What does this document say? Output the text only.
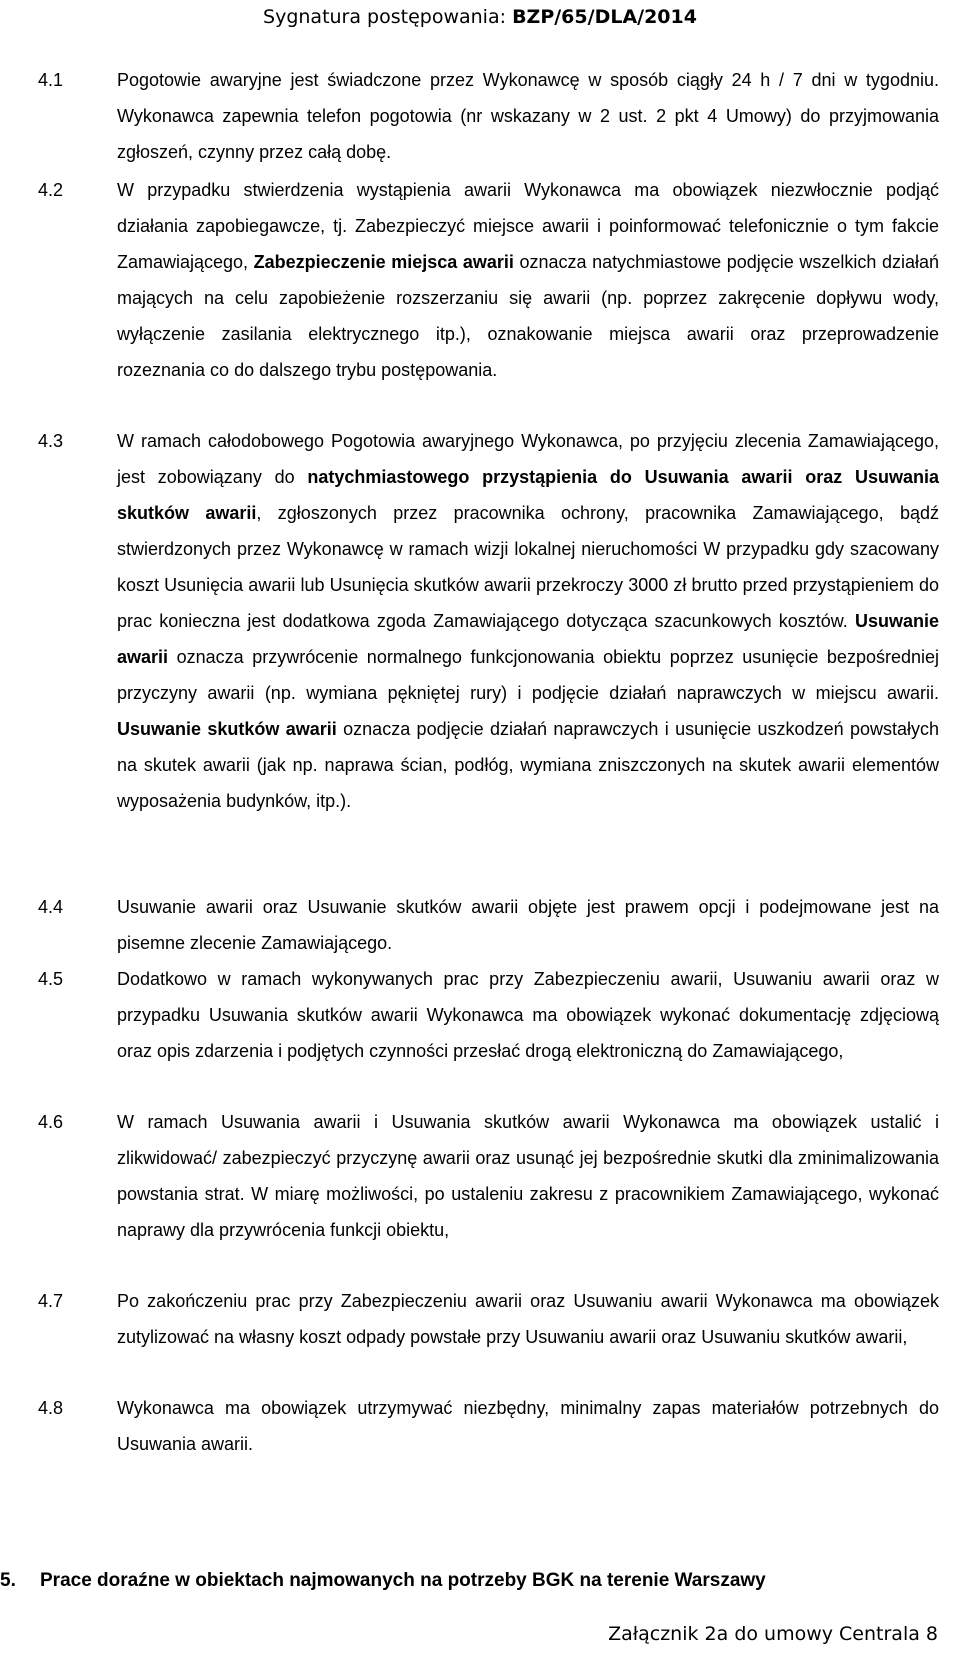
Sygnatura postępowania: BZP/65/DLA/2014
4.1	Pogotowie awaryjne jest świadczone przez Wykonawcę w sposób ciągły 24 h / 7 dni w tygodniu. Wykonawca zapewnia telefon pogotowia (nr wskazany w 2 ust. 2 pkt 4 Umowy) do przyjmowania zgłoszeń, czynny przez całą dobę.
4.2	W przypadku stwierdzenia wystąpienia awarii Wykonawca ma obowiązek niezwłocznie podjąć działania zapobiegawcze, tj. Zabezpieczyć miejsce awarii i poinformować telefonicznie o tym fakcie Zamawiającego, Zabezpieczenie miejsca awarii oznacza natychmiastowe podjęcie wszelkich działań mających na celu zapobieżenie rozszerzaniu się awarii (np. poprzez zakręcenie dopływu wody, wyłączenie zasilania elektrycznego itp.), oznakowanie miejsca awarii oraz przeprowadzenie rozeznania co do dalszego trybu postępowania.
4.3	W ramach całodobowego Pogotowia awaryjnego Wykonawca, po przyjęciu zlecenia Zamawiającego, jest zobowiązany do natychmiastowego przystąpienia do Usuwania awarii oraz Usuwania skutków awarii, zgłoszonych przez pracownika ochrony, pracownika Zamawiającego, bądź stwierdzonych przez Wykonawcę w ramach wizji lokalnej nieruchomości W przypadku gdy szacowany koszt Usunięcia awarii lub Usunięcia skutków awarii przekroczy 3000 zł brutto przed przystąpieniem do prac konieczna jest dodatkowa zgoda Zamawiającego dotycząca szacunkowych kosztów. Usuwanie awarii oznacza przywrócenie normalnego funkcjonowania obiektu poprzez usunięcie bezpośredniej przyczyny awarii (np. wymiana pękniętej rury) i podjęcie działań naprawczych w miejscu awarii. Usuwanie skutków awarii oznacza podjęcie działań naprawczych i usunięcie uszkodzeń powstałych na skutek awarii (jak np. naprawa ścian, podłóg, wymiana zniszczonych na skutek awarii elementów wyposażenia budynków, itp.).
4.4	Usuwanie awarii oraz Usuwanie skutków awarii objęte jest prawem opcji i podejmowane jest na pisemne zlecenie Zamawiającego.
4.5	Dodatkowo w ramach wykonywanych prac przy Zabezpieczeniu awarii, Usuwaniu awarii oraz w przypadku Usuwania skutków awarii Wykonawca ma obowiązek wykonać dokumentację zdjęciową oraz opis zdarzenia i podjętych czynności przesłać drogą elektroniczną do Zamawiającego,
4.6	W ramach Usuwania awarii i Usuwania skutków awarii Wykonawca ma obowiązek ustalić i zlikwidować/ zabezpieczyć przyczynę awarii oraz usunąć jej bezpośrednie skutki dla zminimalizowania powstania strat. W miarę możliwości, po ustaleniu zakresu z pracownikiem Zamawiającego, wykonać naprawy dla przywrócenia funkcji obiektu,
4.7	Po zakończeniu prac przy Zabezpieczeniu awarii oraz Usuwaniu awarii Wykonawca ma obowiązek zutylizować na własny koszt odpady powstałe przy Usuwaniu awarii oraz Usuwaniu skutków awarii,
4.8	Wykonawca ma obowiązek utrzymywać niezbędny, minimalny zapas materiałów potrzebnych do Usuwania awarii.
5.	Prace doraźne w obiektach najmowanych na potrzeby BGK na terenie Warszawy
Załącznik 2a do umowy Centrala 8
